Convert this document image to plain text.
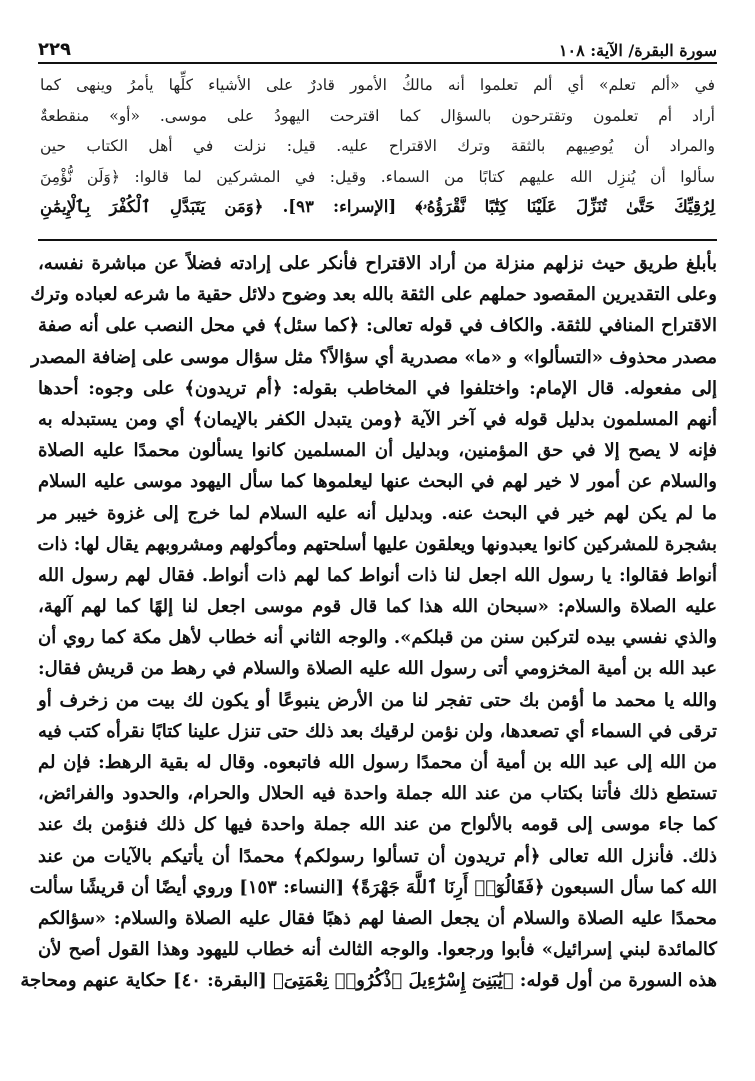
سورة البقرة/ الآية: ١٠٨
٢٢٩
في «ألم تعلم» أي ألم تعلموا أنه مالكُ الأمور قادرٌ على الأشياء كلِّها يأمرُ وينهى كما
أراد أم تعلمون وتقترحون بالسؤال كما اقترحت اليهودُ على موسى. «أو» منقطعةٌ
والمراد أن يُوصِيهم بالثقة وترك الاقتراح عليه. قيل: نزلت في أهل الكتاب حين
سألوا أن يُنزِل الله عليهم كتابًا من السماء. وقيل: في المشركين لما قالوا: ﴿وَلَن نُّؤْمِنَ
لِرُقِيِّكَ حَتَّىٰ تُنَزِّلَ عَلَيْنَا كِتَٰبًا نَّقْرَؤُهُۥ﴾ [الإسراء: ٩٣]. ﴿وَمَن يَتَبَدَّلِ ٱلْكُفْرَ بِٱلْإِيمَٰنِ
بأبلغ طريق حيث نزلهم منزلة من أراد الاقتراح فأنكر على إرادته فضلاً عن مباشرة نفسه،
وعلى التقديرين المقصود حملهم على الثقة بالله بعد وضوح دلائل حقية ما شرعه لعباده وترك
الاقتراح المنافي للثقة. والكاف في قوله تعالى: ﴿كما سئل﴾ في محل النصب على أنه صفة
مصدر محذوف «التسألوا» و «ما» مصدرية أي سؤالاً؟ مثل سؤال موسى على إضافة المصدر
إلى مفعوله. قال الإمام: واختلفوا في المخاطب بقوله: ﴿أم تريدون﴾ على وجوه: أحدها
أنهم المسلمون بدليل قوله في آخر الآية ﴿ومن يتبدل الكفر بالإيمان﴾ أي ومن يستبدله به
فإنه لا يصح إلا في حق المؤمنين، وبدليل أن المسلمين كانوا يسألون محمدًا عليه الصلاة
والسلام عن أمور لا خير لهم في البحث عنها ليعلموها كما سأل اليهود موسى عليه السلام
ما لم يكن لهم خير في البحث عنه. وبدليل أنه عليه السلام لما خرج إلى غزوة خيبر مر
بشجرة للمشركين كانوا يعبدونها ويعلقون عليها أسلحتهم ومأكولهم ومشروبهم يقال لها: ذات
أنواط فقالوا: يا رسول الله اجعل لنا ذات أنواط كما لهم ذات أنواط. فقال لهم رسول الله
عليه الصلاة والسلام: «سبحان الله هذا كما قال قوم موسى اجعل لنا إلهًا كما لهم آلهة،
والذي نفسي بيده لتركبن سنن من قبلكم». والوجه الثاني أنه خطاب لأهل مكة كما روي أن
عبد الله بن أمية المخزومي أتى رسول الله عليه الصلاة والسلام في رهط من قريش فقال:
والله يا محمد ما أؤمن بك حتى تفجر لنا من الأرض ينبوعًا أو يكون لك بيت من زخرف أو
ترقى في السماء أي تصعدها، ولن نؤمن لرقيك بعد ذلك حتى تنزل علينا كتابًا نقرأه كتب فيه
من الله إلى عبد الله بن أمية أن محمدًا رسول الله فاتبعوه. وقال له بقية الرهط: فإن لم
تستطع ذلك فأتنا بكتاب من عند الله جملة واحدة فيه الحلال والحرام، والحدود والفرائض،
كما جاء موسى إلى قومه بالألواح من عند الله جملة واحدة فيها كل ذلك فنؤمن بك عند
ذلك. فأنزل الله تعالى ﴿أم تريدون أن تسألوا رسولكم﴾ محمدًا أن يأتيكم بالآيات من عند
الله كما سأل السبعون ﴿فَقَالُوٓا۟ أَرِنَا ٱللَّهَ جَهْرَةً﴾ [النساء: ١٥٣] وروي أيضًا أن قريشًا سألت
محمدًا عليه الصلاة والسلام أن يجعل الصفا لهم ذهبًا فقال عليه الصلاة والسلام: «سؤالكم
كالمائدة لبني إسرائيل» فأبوا ورجعوا. والوجه الثالث أنه خطاب لليهود وهذا القول أصح لأن
هذه السورة من أول قوله: ﴿يَٰبَنِىٓ إِسْرَٰٓءِيلَ ٱذْكُرُوا۟ نِعْمَتِىَ﴾ [البقرة: ٤٠] حكاية عنهم ومحاجة
